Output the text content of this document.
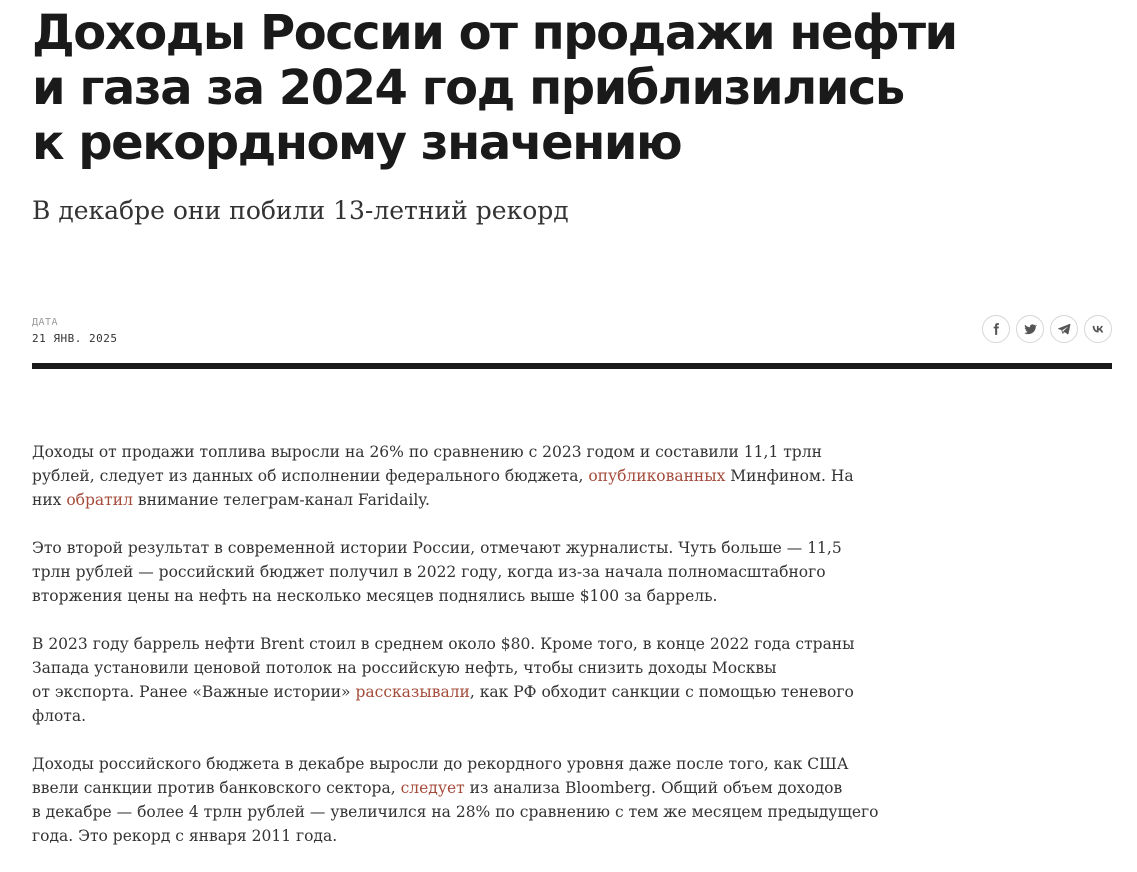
Доходы России от продажи нефти
и газа за 2024 год приблизились
к рекордному значению
В декабре они побили 13-летний рекорд
ДАТА
21 ЯНВ. 2025

Доходы от продажи топлива выросли на 26% по сравнению с 2023 годом и составили 11,1 трлн
рублей, следует из данных об исполнении федерального бюджета, опубликованных Минфином. На
них обратил внимание телеграм-канал Faridaily.

Это второй результат в современной истории России, отмечают журналисты. Чуть больше — 11,5
трлн рублей — российский бюджет получил в 2022 году, когда из-за начала полномасштабного
вторжения цены на нефть на несколько месяцев поднялись выше $100 за баррель.

В 2023 году баррель нефти Brent стоил в среднем около $80. Кроме того, в конце 2022 года страны
Запада установили ценовой потолок на российскую нефть, чтобы снизить доходы Москвы
от экспорта. Ранее «Важные истории» рассказывали, как РФ обходит санкции с помощью теневого
флота.

Доходы российского бюджета в декабре выросли до рекордного уровня даже после того, как США
ввели санкции против банковского сектора, следует из анализа Bloomberg. Общий объем доходов
в декабре — более 4 трлн рублей — увеличился на 28% по сравнению с тем же месяцем предыдущего
года. Это рекорд с января 2011 года.
